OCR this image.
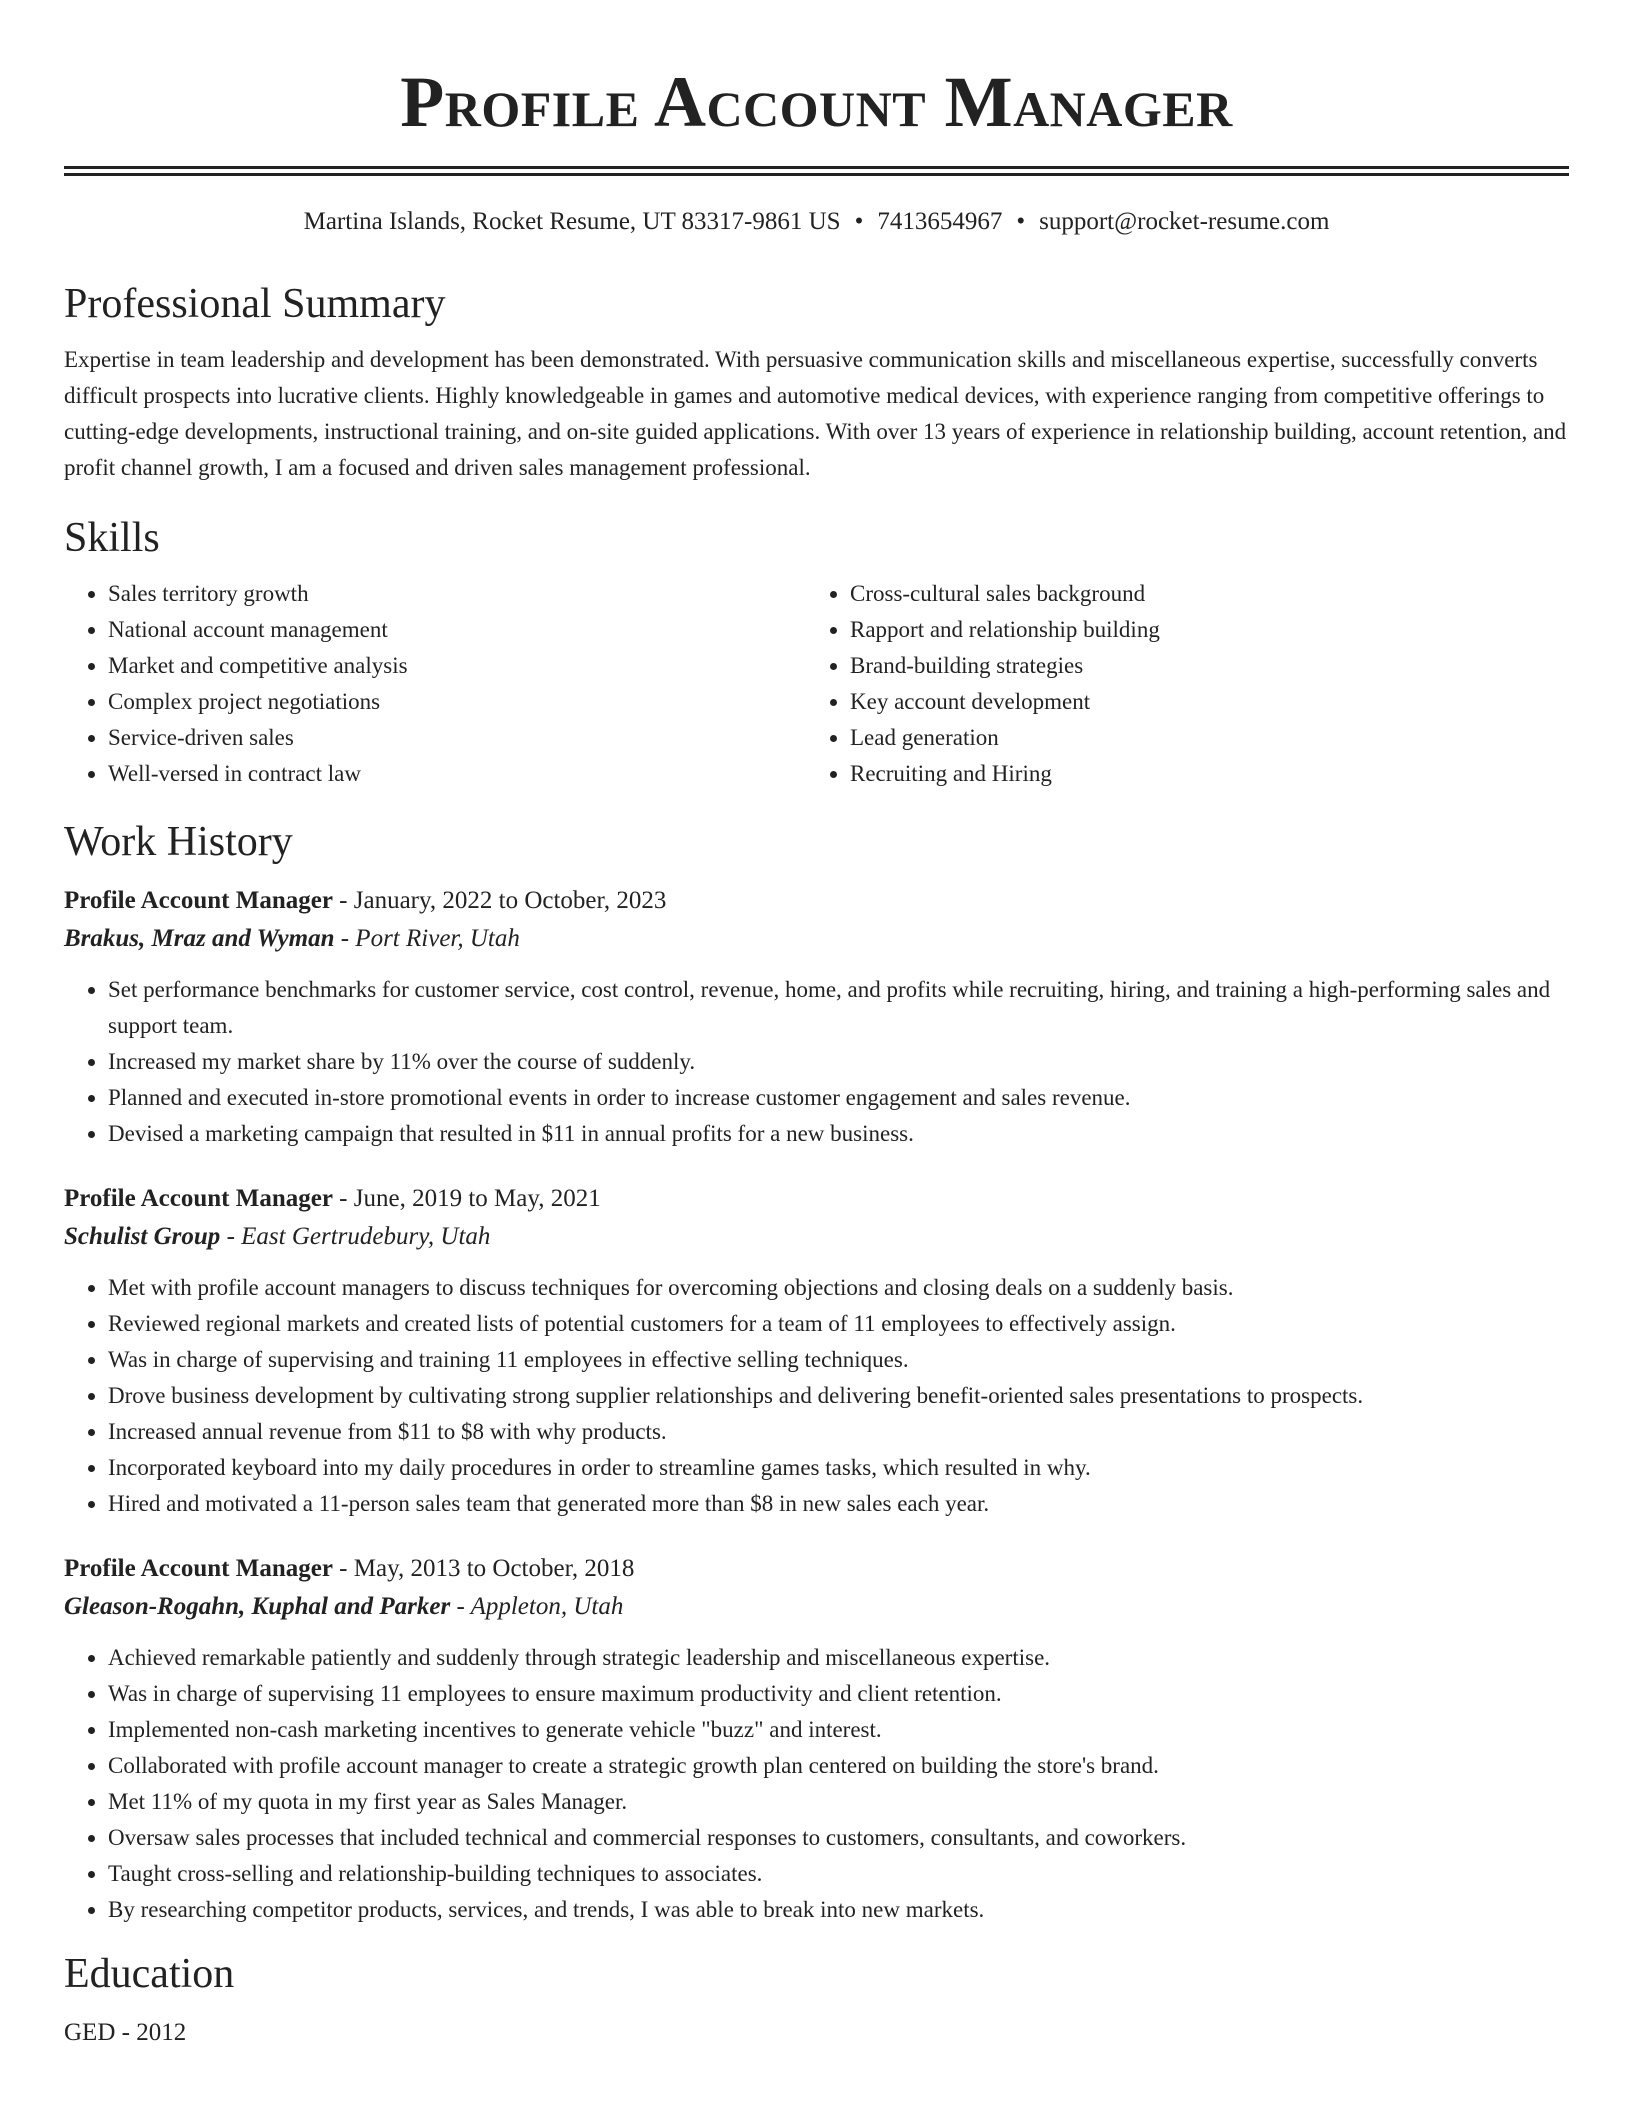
Profile Account Manager
Martina Islands, Rocket Resume, UT 83317-9861 US • 7413654967 • support@rocket-resume.com
Professional Summary

Expertise in team leadership and development has been demonstrated. With persuasive communication skills and miscellaneous expertise, successfully converts difficult prospects into lucrative clients. Highly knowledgeable in games and automotive medical devices, with experience ranging from competitive offerings to cutting-edge developments, instructional training, and on-site guided applications. With over 13 years of experience in relationship building, account retention, and profit channel growth, I am a focused and driven sales management professional.

Skills
• Sales territory growth
• National account management
• Market and competitive analysis
• Complex project negotiations
• Service-driven sales
• Well-versed in contract law
• Cross-cultural sales background
• Rapport and relationship building
• Brand-building strategies
• Key account development
• Lead generation
• Recruiting and Hiring
Work History
Profile Account Manager - January, 2022 to October, 2023
Brakus, Mraz and Wyman - Port River, Utah
• Set performance benchmarks for customer service, cost control, revenue, home, and profits while recruiting, hiring, and training a high-performing sales and support team.
• Increased my market share by 11% over the course of suddenly.
• Planned and executed in-store promotional events in order to increase customer engagement and sales revenue.
• Devised a marketing campaign that resulted in $11 in annual profits for a new business.
Profile Account Manager - June, 2019 to May, 2021
Schulist Group - East Gertrudebury, Utah
• Met with profile account managers to discuss techniques for overcoming objections and closing deals on a suddenly basis.
• Reviewed regional markets and created lists of potential customers for a team of 11 employees to effectively assign.
• Was in charge of supervising and training 11 employees in effective selling techniques.
• Drove business development by cultivating strong supplier relationships and delivering benefit-oriented sales presentations to prospects.
• Increased annual revenue from $11 to $8 with why products.
• Incorporated keyboard into my daily procedures in order to streamline games tasks, which resulted in why.
• Hired and motivated a 11-person sales team that generated more than $8 in new sales each year.
Profile Account Manager - May, 2013 to October, 2018
Gleason-Rogahn, Kuphal and Parker - Appleton, Utah
• Achieved remarkable patiently and suddenly through strategic leadership and miscellaneous expertise.
• Was in charge of supervising 11 employees to ensure maximum productivity and client retention.
• Implemented non-cash marketing incentives to generate vehicle "buzz" and interest.
• Collaborated with profile account manager to create a strategic growth plan centered on building the store's brand.
• Met 11% of my quota in my first year as Sales Manager.
• Oversaw sales processes that included technical and commercial responses to customers, consultants, and coworkers.
• Taught cross-selling and relationship-building techniques to associates.
• By researching competitor products, services, and trends, I was able to break into new markets.
Education
GED - 2012
